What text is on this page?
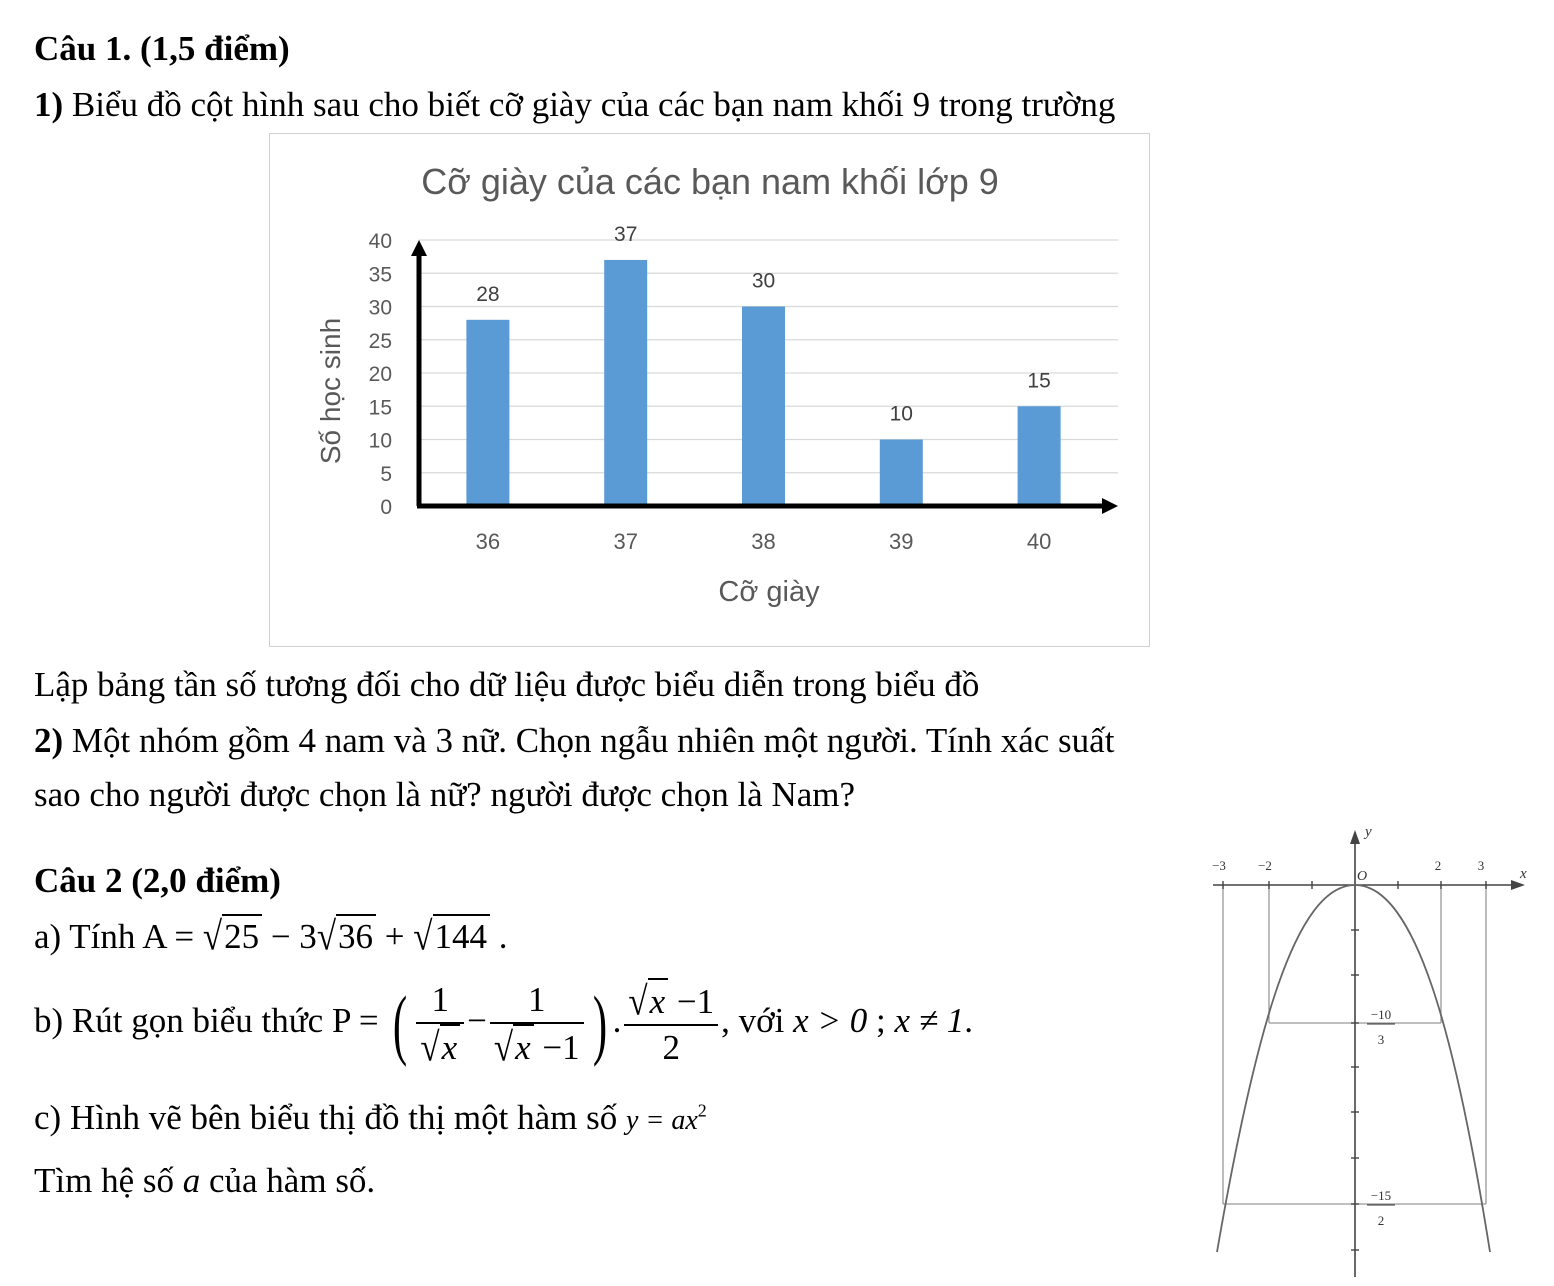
Câu 1. (1,5 điểm)
1) Biểu đồ cột hình sau cho biết cỡ giày của các bạn nam khối 9 trong trường
Cỡ giày của các bạn nam khối lớp 9
0
5
10
15
20
25
30
35
40
28
37
30
10
15
36	37	38	39	40
Số học sinh
Cỡ giày
Lập bảng tần số tương đối cho dữ liệu được biểu diễn trong biểu đồ
2) Một nhóm gồm 4 nam và 3 nữ. Chọn ngẫu nhiên một người. Tính xác suất
sao cho người được chọn là nữ? người được chọn là Nam?
Câu 2 (2,0 điểm)
a) Tính A = √25 − 3√36 + √144 .
b) Rút gọn biểu thức P = ( $\frac{1}{√x} - \frac{1}{√x -1}$ ) . $\frac{√x -1}{2}$ , với x > 0 ; x ≠ 1.
c) Hình vẽ bên biểu thị đồ thị một hàm số $y = ax^2$
Tìm hệ số a của hàm số.
y
x
O
−3 −2	2	3
−10
3
−15
2
